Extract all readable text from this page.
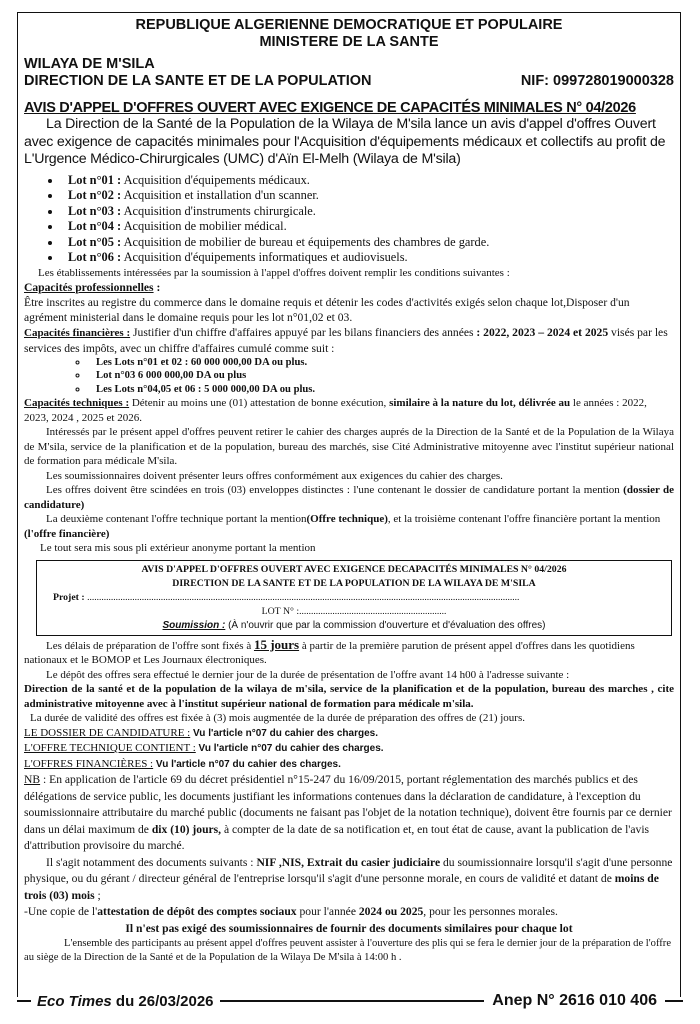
REPUBLIQUE ALGERIENNE DEMOCRATIQUE ET POPULAIRE
MINISTERE DE LA SANTE
WILAYA DE M'SILA
DIRECTION DE LA SANTE ET DE LA POPULATION	NIF: 099728019000328
AVIS D'APPEL D'OFFRES OUVERT AVEC EXIGENCE DE CAPACITÉS MINIMALES N° 04/2026

La Direction de la Santé de la Population de la Wilaya de M'sila lance un avis d'appel d'offres Ouvert avec exigence de capacités minimales pour l'Acquisition d'équipements médicaux et collectifs au profit de L'Urgence Médico-Chirurgicales (UMC) d'Aïn El-Melh (Wilaya de M'sila)

• Lot n°01 : Acquisition d'équipements médicaux.
• Lot n°02 : Acquisition et installation d'un scanner.
• Lot n°03 : Acquisition d'instruments chirurgicale.
• Lot n°04 : Acquisition de mobilier médical.
• Lot n°05 : Acquisition de mobilier de bureau et équipements des chambres de garde.
• Lot n°06 : Acquisition d'équipements informatiques et audiovisuels.

Les établissements intéressées par la soumission à l'appel d'offres doivent remplir les conditions suivantes :

Capacités professionnelles :

Être inscrites au registre du commerce dans le domaine requis et détenir les codes d'activités exigés selon chaque lot,Disposer d'un agrément ministerial dans le domaine requis pour les lot n°01,02 et 03.

Capacités financières : Justifier d'un chiffre d'affaires appuyé par les bilans financiers des années : 2022, 2023 – 2024 et 2025 visés par les services des impôts, avec un chiffre d'affaires cumulé comme suit :

◦ Les Lots n°01 et 02 : 60 000 000,00 DA ou plus.
◦ Lot n°03 6 000 000,00 DA ou plus
◦ Les Lots n°04,05 et 06 : 5 000 000,00 DA ou plus.

Capacités techniques : Détenir au moins une (01) attestation de bonne exécution, similaire à la nature du lot, délivrée au le années : 2022, 2023, 2024 , 2025 et 2026.

Intéressés par le présent appel d'offres peuvent retirer le cahier des charges auprés de la Direction de la Santé et de la Population de la Wilaya de M'sila, service de la planification et de la population, bureau des marchés, sise Cité Administrative mitoyenne avec l'institut supérieur national de formation para médicale M'sila.

Les soumissionnaires doivent présenter leurs offres conformément aux exigences du cahier des charges.

Les offres doivent être scindées en trois (03) enveloppes distinctes : l'une contenant le dossier de candidature portant la mention (dossier de candidature)

La deuxième contenant l'offre technique portant la mention(Offre technique), et la troisième contenant l'offre financière portant la mention (l'offre financière)

Le tout sera mis sous pli extérieur anonyme portant la mention

AVIS D'APPEL D'OFFRES OUVERT AVEC EXIGENCE DECAPACITÉS MINIMALES N° 04/2026
DIRECTION DE LA SANTE ET DE LA POPULATION DE LA WILAYA DE M'SILA
Projet : ......................................................................................................................................................................................
LOT N° :..............................................................
Soumission : (À n'ouvrir que par la commission d'ouverture et d'évaluation des offres)

Les délais de préparation de l'offre sont fixés à 15 jours à partir de la première parution de présent appel d'offres dans les quotidiens nationaux et le BOMOP et Les Journaux électroniques.

Le dépôt des offres sera effectué le dernier jour de la durée de présentation de l'offre avant 14 h00 à l'adresse suivante :

Direction de la santé et de la population de la wilaya de m'sila, service de la planification et de la population, bureau des marches , cite administrative mitoyenne avec à l'institut supérieur national de formation para médicale m'sila.

La durée de validité des offres est fixée à (3) mois augmentée de la durée de préparation des offres de (21) jours.

LE DOSSIER DE CANDIDATURE : Vu l'article n°07 du cahier des charges.

L'OFFRE TECHNIQUE CONTIENT : Vu l'article n°07 du cahier des charges.

L'OFFRES FINANCIÈRES : Vu l'article n°07 du cahier des charges.

NB : En application de l'article 69 du décret présidentiel n°15-247 du 16/09/2015, portant réglementation des marchés publics et des délégations de service public, les documents justifiant les informations contenues dans la déclaration de candidature, à l'exception du soumissionnaire attributaire du marché public (documents ne faisant pas l'objet de la notation technique), doivent être fournis par ce dernier dans un délai maximum de dix (10) jours, à compter de la date de sa notification et, en tout état de cause, avant la publication de l'avis d'attribution provisoire du marché.

Il s'agit notamment des documents suivants : NIF ,NIS, Extrait du casier judiciaire du soumissionnaire lorsqu'il s'agit d'une personne physique, ou du gérant / directeur général de l'entreprise lorsqu'il s'agit d'une personne morale, en cours de validité et datant de moins de trois (03) mois ;

-Une copie de l'attestation de dépôt des comptes sociaux pour l'année 2024 ou 2025, pour les personnes morales.

Il n'est pas exigé des soumissionnaires de fournir des documents similaires pour chaque lot

L'ensemble des participants au présent appel d'offres peuvent assister à l'ouverture des plis qui se fera le dernier jour de la préparation de l'offre au siège de la Direction de la Santé et de la Population de la Wilaya De M'sila à 14:00 h .

Eco Times du 26/03/2026	Anep N° 2616 010 406
